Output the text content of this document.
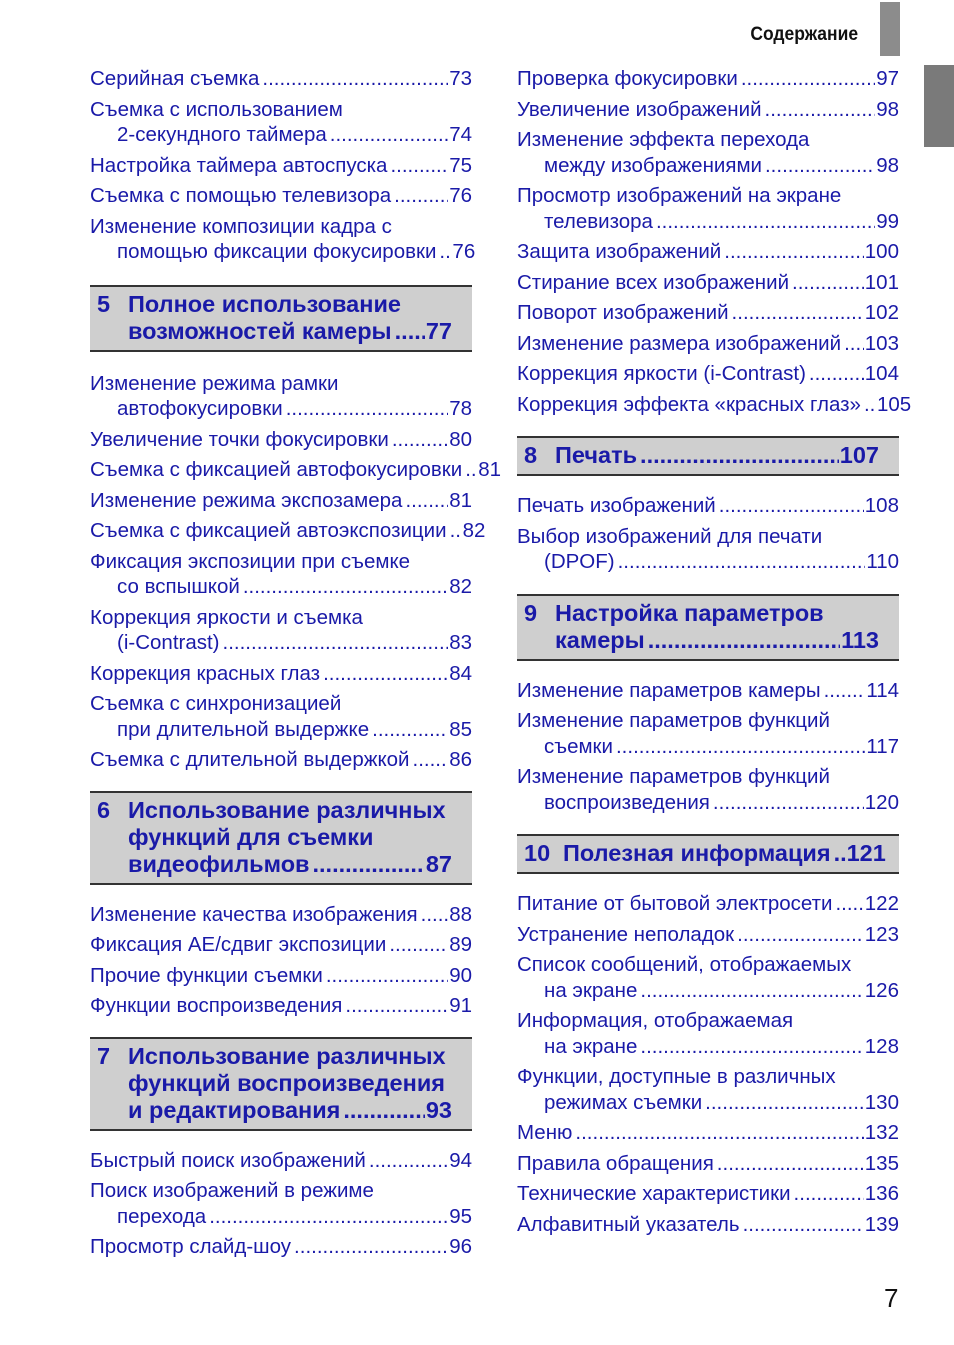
Содержание
Серийная съемка .....	73
Съемка с использованием
2-секундного таймера .....	74
Настройка таймера автоспуска .....	75
Съемка с помощью телевизора .....	76
Изменение композиции кадра с
помощью фиксации фокусировки ..... 76
5 Полное использование
возможностей камеры ..... 77
Изменение режима рамки
автофокусировки .....	78
Увеличение точки фокусировки .....	80
Съемка с фиксацией автофокусировки ..... 81
Изменение режима экспозамера ..... 81
Съемка с фиксацией автоэкспозиции ..... 82
Фиксация экспозиции при съемке
со вспышкой .....	82
Коррекция яркости и съемка
(i-Contrast) .....	83
Коррекция красных глаз .....	84
Съемка с синхронизацией
при длительной выдержке .....	85
Съемка с длительной выдержкой ..... 86
6 Использование различных
функций для съемки
видеофильмов .....	87
Изменение качества изображения ..... 88
Фиксация AE/сдвиг экспозиции .....	89
Прочие функции съемки .....	90
Функции воспроизведения .....	91
7 Использование различных
функций воспроизведения
и редактирования .....	93
Быстрый поиск изображений .....	94
Поиск изображений в режиме
перехода .....	95
Просмотр слайд-шоу .....	96
Проверка фокусировки .....	97
Увеличение изображений .....	98
Изменение эффекта перехода
между изображениями .....	98
Просмотр изображений на экране
телевизора .....	99
Защита изображений .....	100
Стирание всех изображений .....	101
Поворот изображений .....	102
Изменение размера изображений ..... 103
Коррекция яркости (i-Contrast) .....	104
Коррекция эффекта «красных глаз» ..... 105
8 Печать .....	107
Печать изображений .....	108
Выбор изображений для печати
(DPOF) .....	110
9 Настройка параметров
камеры .....	113
Изменение параметров камеры ..... 114
Изменение параметров функций
съемки .....	117
Изменение параметров функций
воспроизведения .....	120
10 Полезная информация ..... 121
Питание от бытовой электросети ..... 122
Устранение неполадок .....	123
Список сообщений, отображаемых
на экране .....	126
Информация, отображаемая
на экране .....	128
Функции, доступные в различных
режимах съемки .....	130
Меню .....	132
Правила обращения .....	135
Технические характеристики .....	136
Алфавитный указатель .....	139
7
